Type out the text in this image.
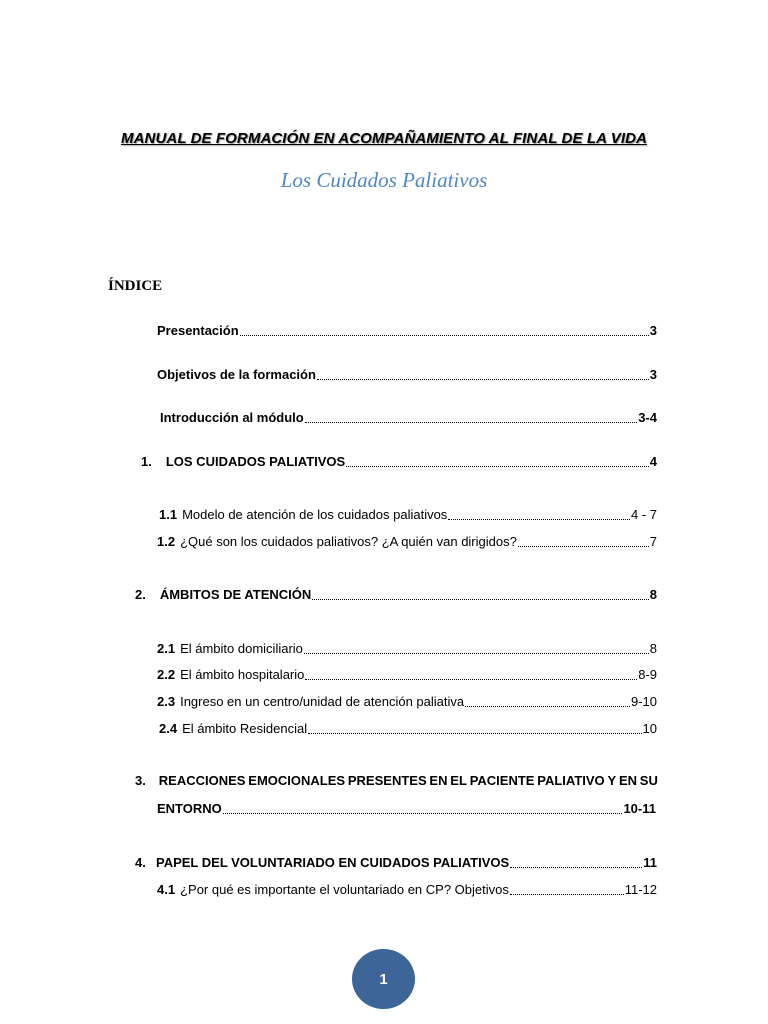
MANUAL DE FORMACIÓN EN ACOMPAÑAMIENTO AL FINAL DE LA VIDA
Los Cuidados Paliativos
ÍNDICE
Presentación	3
Objetivos de la formación	3
Introducción al módulo	3-4
1. LOS CUIDADOS PALIATIVOS	4
1.1 Modelo de atención de los cuidados paliativos	4 - 7
1.2 ¿Qué son los cuidados paliativos? ¿A quién van dirigidos?	7
2. ÁMBITOS DE ATENCIÓN	8
2.1 El ámbito domiciliario	8
2.2 El ámbito hospitalario	8-9
2.3 Ingreso en un centro/unidad de atención paliativa	9-10
2.4 El ámbito Residencial	10
3. REACCIONES EMOCIONALES PRESENTES EN EL PACIENTE PALIATIVO Y EN SU
ENTORNO	10-11
4. PAPEL DEL VOLUNTARIADO EN CUIDADOS PALIATIVOS	11
4.1 ¿Por qué es importante el voluntariado en CP? Objetivos	11-12
1
